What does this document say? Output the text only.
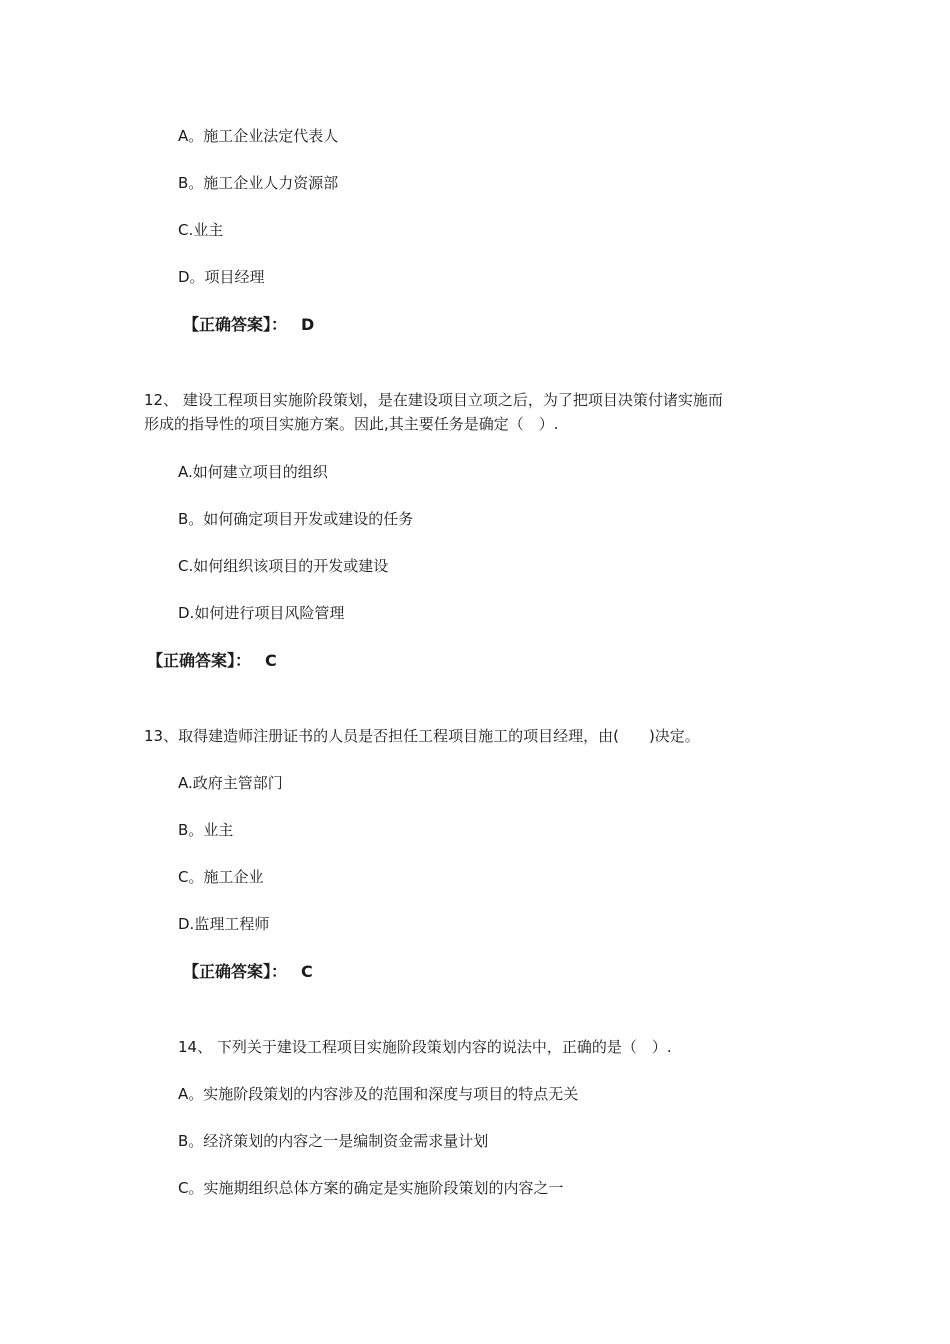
A。施工企业法定代表人
B。施工企业人力资源部
C.业主
D。项目经理
【正确答案】： D
12、 建设工程项目实施阶段策划，是在建设项目立项之后，为了把项目决策付诸实施而
形成的指导性的项目实施方案。因此,其主要任务是确定（　）.
A.如何建立项目的组织
B。如何确定项目开发或建设的任务
C.如何组织该项目的开发或建设
D.如何进行项目风险管理
【正确答案】： C
13、取得建造师注册证书的人员是否担任工程项目施工的项目经理，由(　　)决定。
A.政府主管部门
B。业主
C。施工企业
D.监理工程师
【正确答案】： C
14、 下列关于建设工程项目实施阶段策划内容的说法中，正确的是（　）.
A。实施阶段策划的内容涉及的范围和深度与项目的特点无关
B。经济策划的内容之一是编制资金需求量计划
C。实施期组织总体方案的确定是实施阶段策划的内容之一
